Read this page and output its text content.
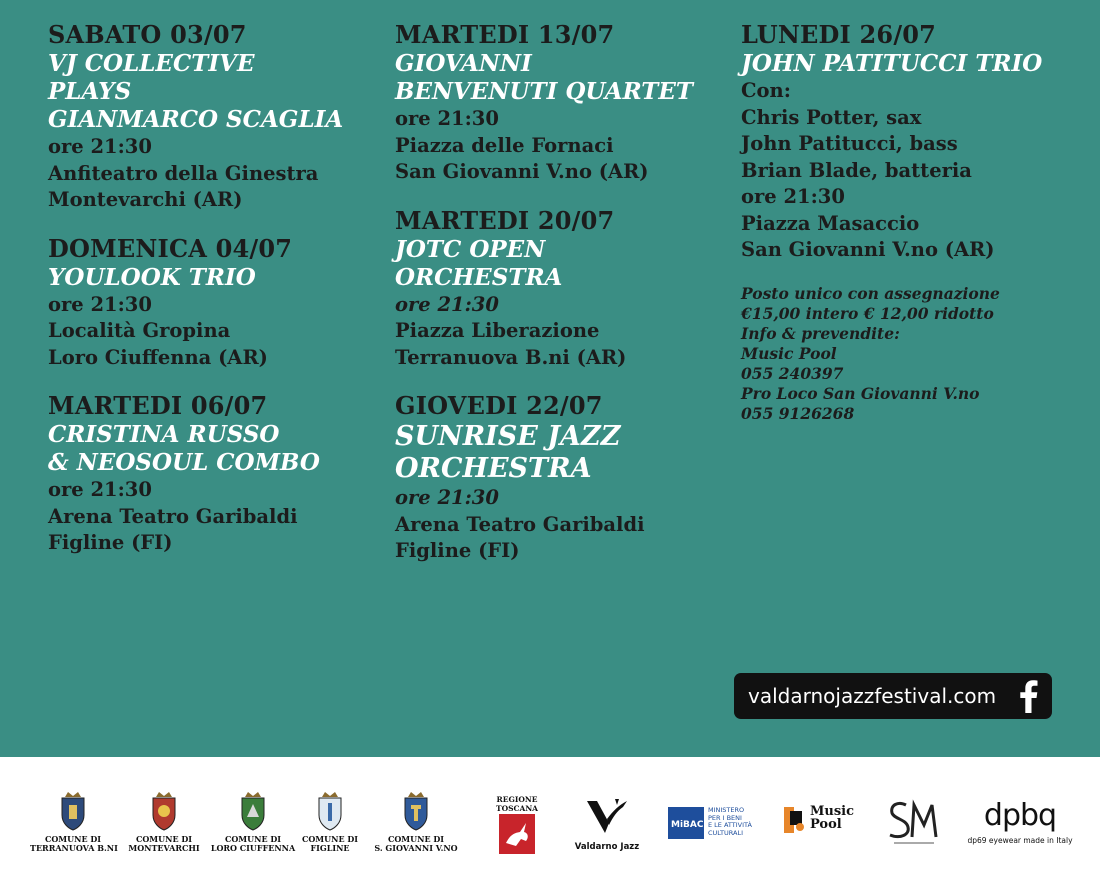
SABATO 03/07
VJ COLLECTIVE
PLAYS
GIANMARCO SCAGLIA
ore 21:30
Anfiteatro della Ginestra
Montevarchi (AR)
DOMENICA 04/07
YOULOOK TRIO
ore 21:30
Località Gropina
Loro Ciuffenna (AR)
MARTEDI 06/07
CRISTINA RUSSO
& NEOSOUL COMBO
ore 21:30
Arena Teatro Garibaldi
Figline (FI)
MARTEDI 13/07
GIOVANNI
BENVENUTI QUARTET
ore 21:30
Piazza delle Fornaci
San Giovanni V.no (AR)
MARTEDI 20/07
JOTC OPEN
ORCHESTRA
ore 21:30
Piazza Liberazione
Terranuova B.ni (AR)
GIOVEDI 22/07
SUNRISE JAZZ
ORCHESTRA
ore 21:30
Arena Teatro Garibaldi
Figline (FI)
LUNEDI 26/07
JOHN PATITUCCI TRIO
Con:
Chris Potter, sax
John Patitucci, bass
Brian Blade, batteria
ore 21:30
Piazza Masaccio
San Giovanni V.no (AR)
Posto unico con assegnazione
€15,00 intero € 12,00 ridotto
Info & prevendite:
Music Pool
055 240397
Pro Loco San Giovanni V.no
055 9126268
valdarnojazzfestival.com
COMUNE DI
TERRANUOVA B.NI
COMUNE DI
MONTEVARCHI
COMUNE DI
LORO CIUFFENNA
COMUNE DI
FIGLINE
COMUNE DI
S. GIOVANNI V.NO
REGIONE
TOSCANA
Valdarno Jazz
MiBAC
MINISTERO
PER I BENI
E LE ATTIVITÀ
CULTURALI
Music
Pool	dpbq
dp69 eyewear made in Italy
